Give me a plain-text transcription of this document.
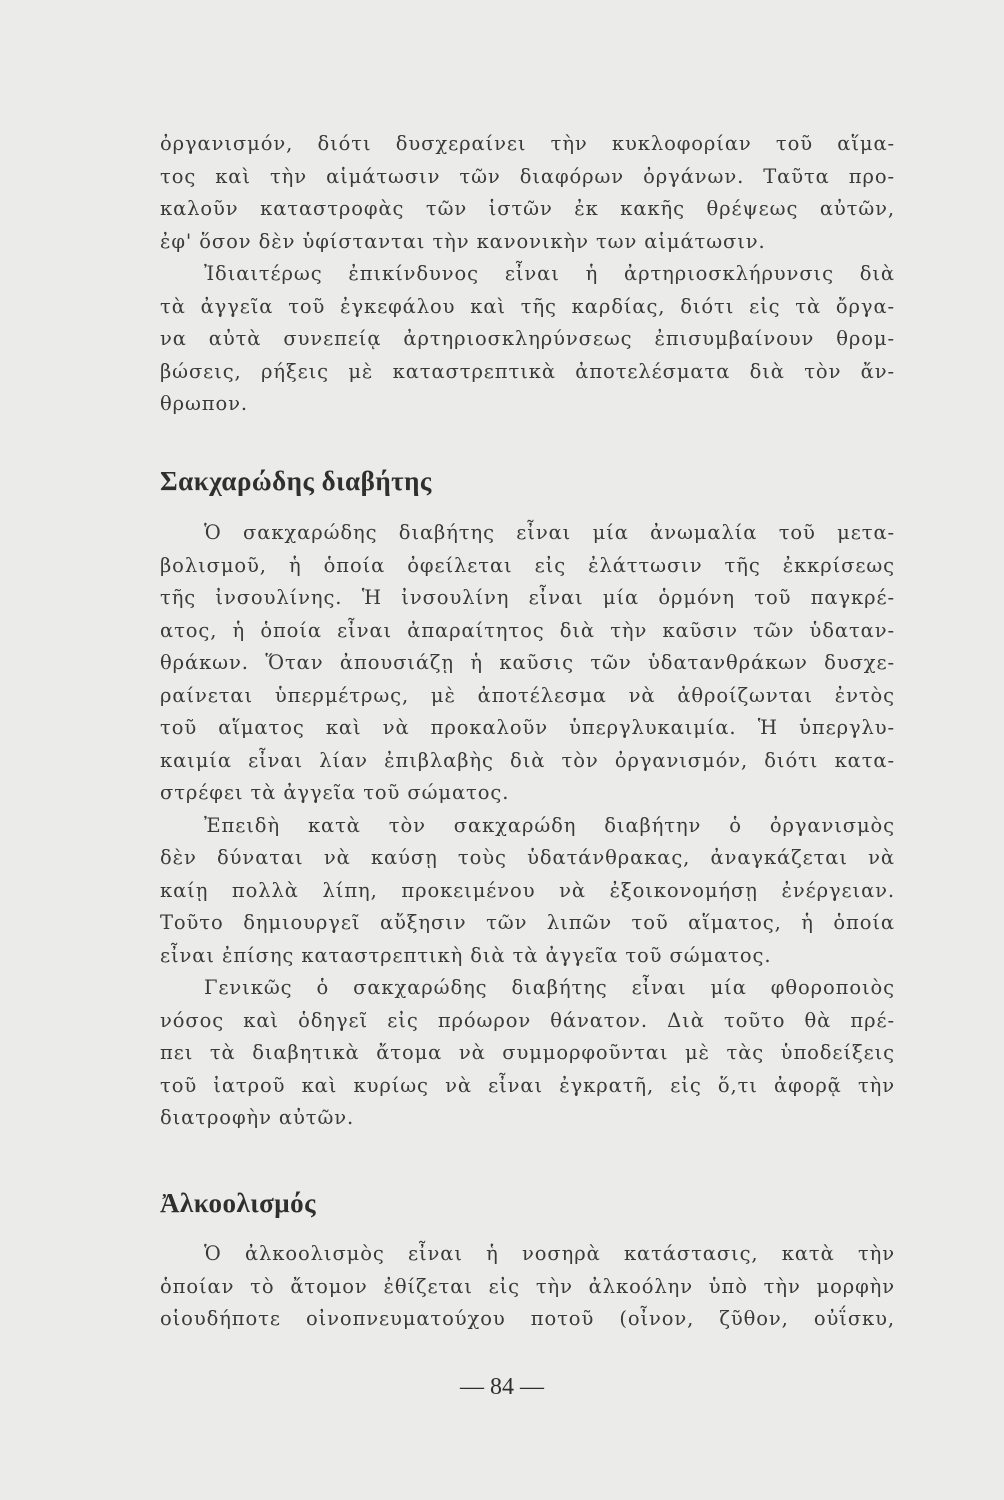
ὀργανισμόν, διότι δυσχεραίνει τὴν κυκλοφορίαν τοῦ αἵμα-
τος καὶ τὴν αἱμάτωσιν τῶν διαφόρων ὀργάνων. Ταῦτα προ-
καλοῦν καταστροφὰς τῶν ἱστῶν ἐκ κακῆς θρέψεως αὐτῶν,
ἐφ' ὅσον δὲν ὑφίστανται τὴν κανονικὴν των αἱμάτωσιν.
Ἰδιαιτέρως ἐπικίνδυνος εἶναι ἡ ἀρτηριοσκλήρυνσις διὰ
τὰ ἀγγεῖα τοῦ ἐγκεφάλου καὶ τῆς καρδίας, διότι εἰς τὰ ὄργα-
να αὐτὰ συνεπείᾳ ἀρτηριοσκληρύνσεως ἐπισυμβαίνουν θρομ-
βώσεις, ρήξεις μὲ καταστρεπτικὰ ἀποτελέσματα διὰ τὸν ἄν-
θρωπον.
Σακχαρώδης διαβήτης
Ὁ σακχαρώδης διαβήτης εἶναι μία ἀνωμαλία τοῦ μετα-
βολισμοῦ, ἡ ὁποία ὀφείλεται εἰς ἐλάττωσιν τῆς ἐκκρίσεως
τῆς ἰνσουλίνης. Ἡ ἰνσουλίνη εἶναι μία ὁρμόνη τοῦ παγκρέ-
ατος, ἡ ὁποία εἶναι ἀπαραίτητος διὰ τὴν καῦσιν τῶν ὑδαταν-
θράκων. Ὅταν ἀπουσιάζῃ ἡ καῦσις τῶν ὑδατανθράκων δυσχε-
ραίνεται ὑπερμέτρως, μὲ ἀποτέλεσμα νὰ ἀθροίζωνται ἐντὸς
τοῦ αἵματος καὶ νὰ προκαλοῦν ὑπεργλυκαιμία. Ἡ ὑπεργλυ-
καιμία εἶναι λίαν ἐπιβλαβὴς διὰ τὸν ὀργανισμόν, διότι κατα-
στρέφει τὰ ἀγγεῖα τοῦ σώματος.
Ἐπειδὴ κατὰ τὸν σακχαρώδη διαβήτην ὁ ὀργανισμὸς
δὲν δύναται νὰ καύσῃ τοὺς ὑδατάνθρακας, ἀναγκάζεται νὰ
καίῃ πολλὰ λίπη, προκειμένου νὰ ἐξοικονομήσῃ ἐνέργειαν.
Τοῦτο δημιουργεῖ αὔξησιν τῶν λιπῶν τοῦ αἵματος, ἡ ὁποία
εἶναι ἐπίσης καταστρεπτικὴ διὰ τὰ ἀγγεῖα τοῦ σώματος.
Γενικῶς ὁ σακχαρώδης διαβήτης εἶναι μία φθοροποιὸς
νόσος καὶ ὁδηγεῖ εἰς πρόωρον θάνατον. Διὰ τοῦτο θὰ πρέ-
πει τὰ διαβητικὰ ἄτομα νὰ συμμορφοῦνται μὲ τὰς ὑποδείξεις
τοῦ ἰατροῦ καὶ κυρίως νὰ εἶναι ἐγκρατῆ, εἰς ὅ,τι ἀφορᾷ τὴν
διατροφὴν αὐτῶν.
Ἀλκοολισμός
Ὁ ἀλκοολισμὸς εἶναι ἡ νοσηρὰ κατάστασις, κατὰ τὴν
ὁποίαν τὸ ἄτομον ἐθίζεται εἰς τὴν ἀλκοόλην ὑπὸ τὴν μορφὴν
οἱουδήποτε οἰνοπνευματούχου ποτοῦ (οἶνον, ζῦθον, οὐΐσκυ,
— 84 —
